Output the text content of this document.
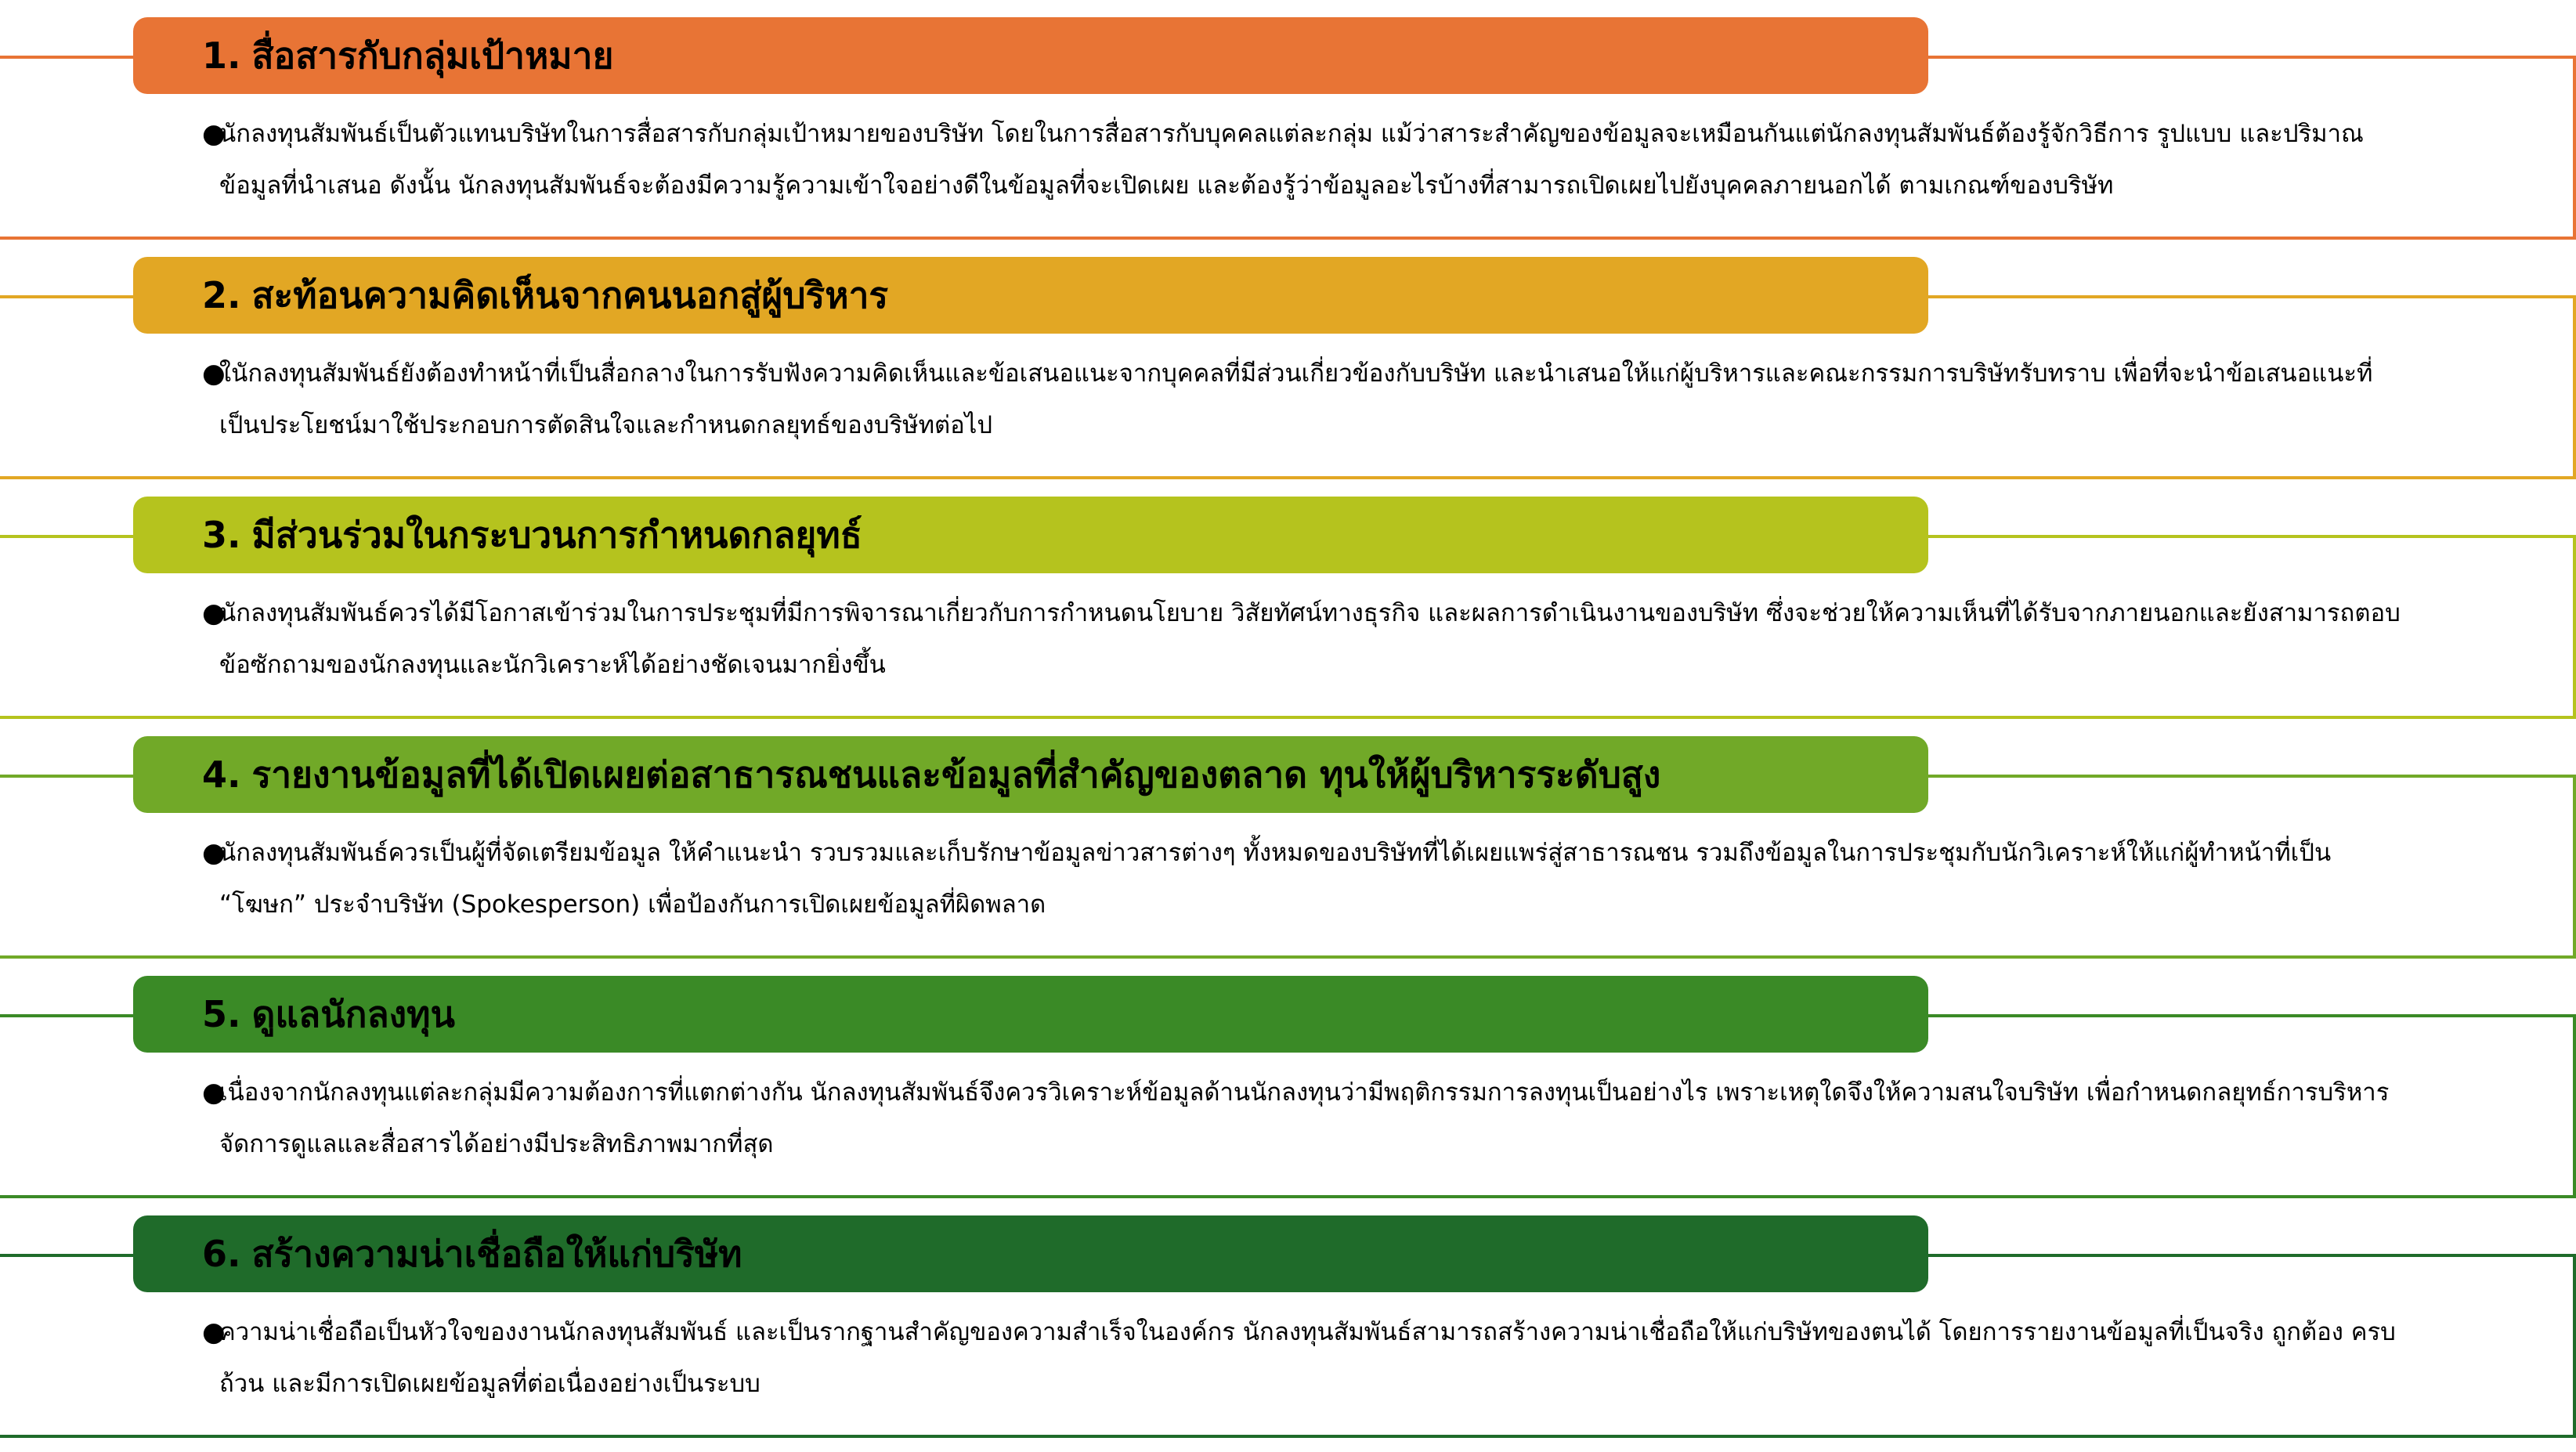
1. สื่อสารกับกลุ่มเป้าหมาย
●
นักลงทุนสัมพันธ์เป็นตัวแทนบริษัทในการสื่อสารกับกลุ่มเป้าหมายของบริษัท โดยในการสื่อสารกับบุคคลแต่ละกลุ่ม แม้ว่าสาระสำคัญของข้อมูลจะเหมือนกันแต่นักลงทุนสัมพันธ์ต้องรู้จักวิธีการ รูปแบบ และปริมาณข้อมูลที่นำเสนอ ดังนั้น นักลงทุนสัมพันธ์จะต้องมีความรู้ความเข้าใจอย่างดีในข้อมูลที่จะเปิดเผย และต้องรู้ว่าข้อมูลอะไรบ้างที่สามารถเปิดเผยไปยังบุคคลภายนอกได้ ตามเกณฑ์ของบริษัท
2. สะท้อนความคิดเห็นจากคนนอกสู่ผู้บริหาร
●
ในักลงทุนสัมพันธ์ยังต้องทำหน้าที่เป็นสื่อกลางในการรับฟังความคิดเห็นและข้อเสนอแนะจากบุคคลที่มีส่วนเกี่ยวข้องกับบริษัท และนำเสนอให้แก่ผู้บริหารและคณะกรรมการบริษัทรับทราบ เพื่อที่จะนำข้อเสนอแนะที่เป็นประโยชน์มาใช้ประกอบการตัดสินใจและกำหนดกลยุทธ์ของบริษัทต่อไป
3. มีส่วนร่วมในกระบวนการกำหนดกลยุทธ์
●
นักลงทุนสัมพันธ์ควรได้มีโอกาสเข้าร่วมในการประชุมที่มีการพิจารณาเกี่ยวกับการกำหนดนโยบาย วิสัยทัศน์ทางธุรกิจ และผลการดำเนินงานของบริษัท ซึ่งจะช่วยให้ความเห็นที่ได้รับจากภายนอกและยังสามารถตอบข้อซักถามของนักลงทุนและนักวิเคราะห์ได้อย่างชัดเจนมากยิ่งขึ้น
4. รายงานข้อมูลที่ได้เปิดเผยต่อสาธารณชนและข้อมูลที่สำคัญของตลาด ทุนให้ผู้บริหารระดับสูง
●
นักลงทุนสัมพันธ์ควรเป็นผู้ที่จัดเตรียมข้อมูล ให้คำแนะนำ รวบรวมและเก็บรักษาข้อมูลข่าวสารต่างๆ ทั้งหมดของบริษัทที่ได้เผยแพร่สู่สาธารณชน รวมถึงข้อมูลในการประชุมกับนักวิเคราะห์ให้แก่ผู้ทำหน้าที่เป็น “โฆษก” ประจำบริษัท (Spokesperson) เพื่อป้องกันการเปิดเผยข้อมูลที่ผิดพลาด
5. ดูแลนักลงทุน
●
เนื่องจากนักลงทุนแต่ละกลุ่มมีความต้องการที่แตกต่างกัน นักลงทุนสัมพันธ์จึงควรวิเคราะห์ข้อมูลด้านนักลงทุนว่ามีพฤติกรรมการลงทุนเป็นอย่างไร เพราะเหตุใดจึงให้ความสนใจบริษัท เพื่อกำหนดกลยุทธ์การบริหารจัดการดูแลและสื่อสารได้อย่างมีประสิทธิภาพมากที่สุด
6. สร้างความน่าเชื่อถือให้แก่บริษัท
●
ความน่าเชื่อถือเป็นหัวใจของงานนักลงทุนสัมพันธ์ และเป็นรากฐานสำคัญของความสำเร็จในองค์กร นักลงทุนสัมพันธ์สามารถสร้างความน่าเชื่อถือให้แก่บริษัทของตนได้ โดยการรายงานข้อมูลที่เป็นจริง ถูกต้อง ครบถ้วน และมีการเปิดเผยข้อมูลที่ต่อเนื่องอย่างเป็นระบบ
